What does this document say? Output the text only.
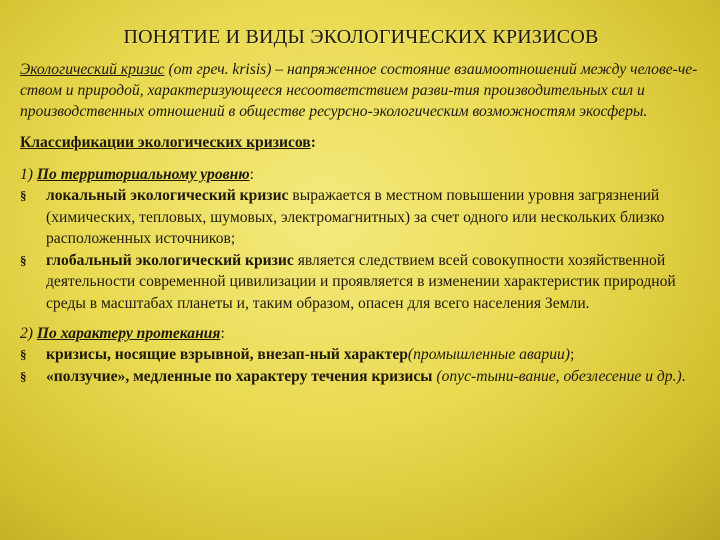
ПОНЯТИЕ И ВИДЫ ЭКОЛОГИЧЕСКИХ КРИЗИСОВ

Экологический кризис (от греч. krisis) – напряженное состояние взаимоотношений между челове-че-ством и природой, характеризующееся несоответствием разви-тия производительных сил и производственных отношений в обществе ресурсно-экологическим возможностям экосферы.

Классификации экологических кризисов:

1) По территориальному уровню:

§	локальный экологический кризис выражается в местном повышении уровня загрязнений (химических, тепловых, шумовых, электромагнитных) за счет одного или нескольких близко расположенных источников;
§	глобальный экологический кризис является следствием всей совокупности хозяйственной деятельности современной цивилизации и проявляется в изменении характеристик природной среды в масштабах планеты и, таким образом, опасен для всего населения Земли.

2) По характеру протекания:

§	кризисы, носящие взрывной, внезап-ный характер(промышленные аварии);
§	«ползучие», медленные по характеру течения кризисы (опус-тыни-вание, обезлесение и др.).
